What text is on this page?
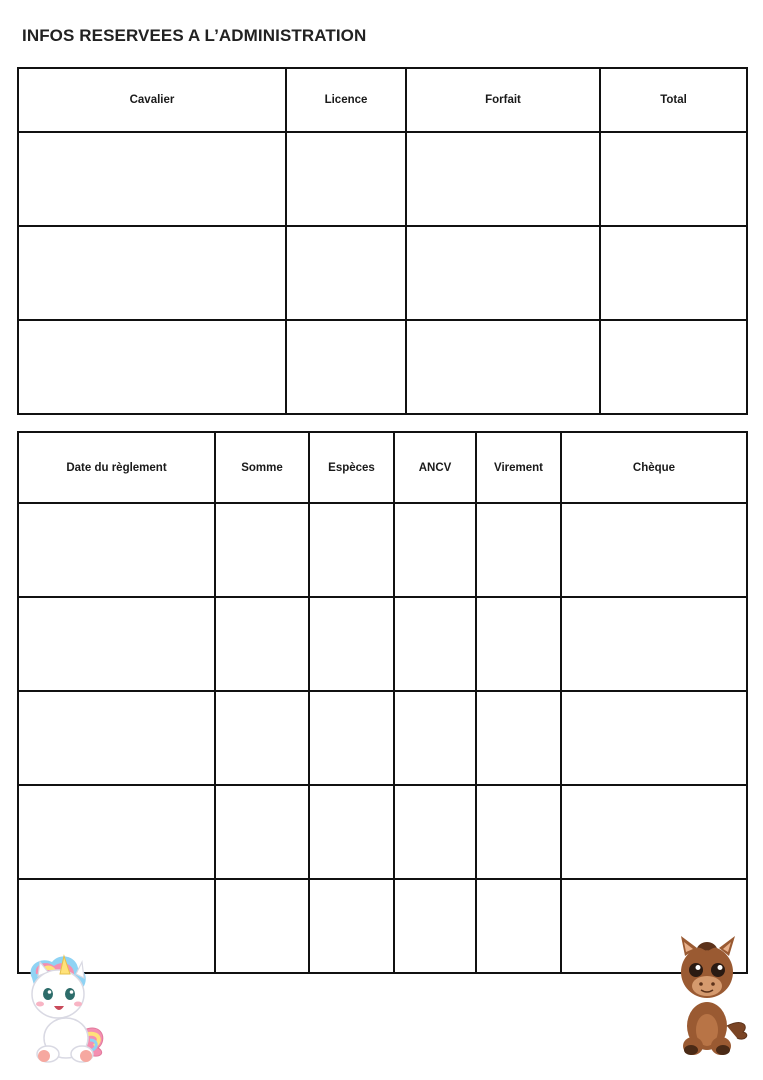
INFOS RESERVEES A L’ADMINISTRATION
Cavalier	Licence	Forfait	Total

Date du règlement	Somme	Espèces	ANCV	Virement	Chèque
